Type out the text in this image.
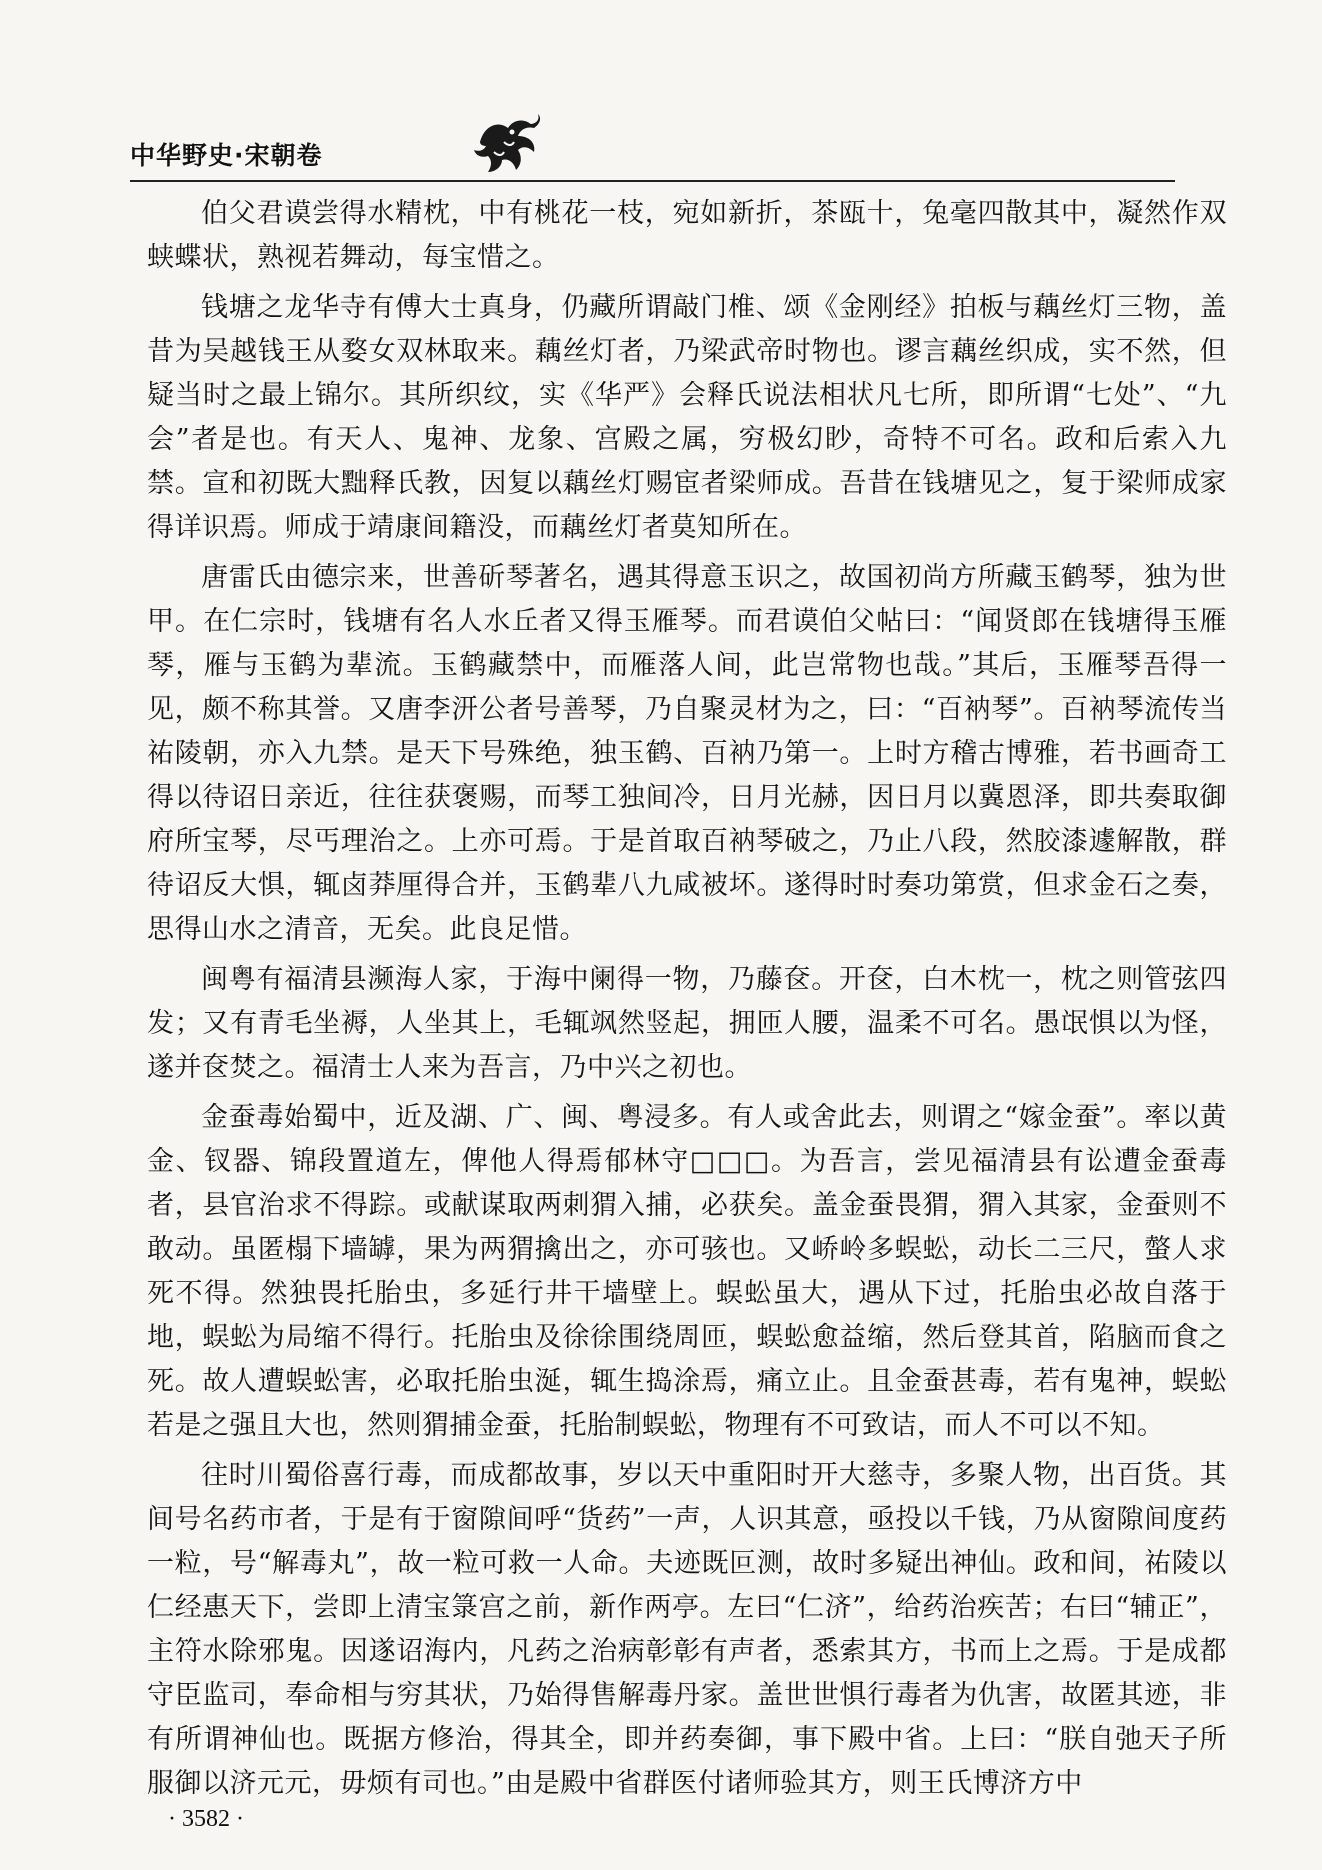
中华野史·宋朝卷

伯父君谟尝得水精枕，中有桃花一枝，宛如新折，茶瓯十，兔毫四散其中，凝然作双蛱蝶状，熟视若舞动，每宝惜之。

钱塘之龙华寺有傅大士真身，仍藏所谓敲门椎、颂《金刚经》拍板与藕丝灯三物，盖昔为吴越钱王从婺女双林取来。藕丝灯者，乃梁武帝时物也。谬言藕丝织成，实不然，但疑当时之最上锦尔。其所织纹，实《华严》会释氏说法相状凡七所，即所谓“七处”、“九会”者是也。有天人、鬼神、龙象、宫殿之属，穷极幻眇，奇特不可名。政和后索入九禁。宣和初既大黜释氏教，因复以藕丝灯赐宦者梁师成。吾昔在钱塘见之，复于梁师成家得详识焉。师成于靖康间籍没，而藕丝灯者莫知所在。

唐雷氏由德宗来，世善斫琴著名，遇其得意玉识之，故国初尚方所藏玉鹤琴，独为世甲。在仁宗时，钱塘有名人水丘者又得玉雁琴。而君谟伯父帖曰：“闻贤郎在钱塘得玉雁琴，雁与玉鹤为辈流。玉鹤藏禁中，而雁落人间，此岂常物也哉。”其后，玉雁琴吾得一见，颇不称其誉。又唐李汧公者号善琴，乃自聚灵材为之，曰：“百衲琴”。百衲琴流传当祐陵朝，亦入九禁。是天下号殊绝，独玉鹤、百衲乃第一。上时方稽古博雅，若书画奇工得以待诏日亲近，往往获褒赐，而琴工独间冷，日月光赫，因日月以冀恩泽，即共奏取御府所宝琴，尽丐理治之。上亦可焉。于是首取百衲琴破之，乃止八段，然胶漆遽解散，群待诏反大惧，辄卤莽厘得合并，玉鹤辈八九咸被坏。遂得时时奏功第赏，但求金石之奏，思得山水之清音，无矣。此良足惜。

闽粤有福清县濒海人家，于海中阑得一物，乃藤奁。开奁，白木枕一，枕之则管弦四发；又有青毛坐褥，人坐其上，毛辄飒然竖起，拥匝人腰，温柔不可名。愚氓惧以为怪，遂并奁焚之。福清士人来为吾言，乃中兴之初也。

金蚕毒始蜀中，近及湖、广、闽、粤浸多。有人或舍此去，则谓之“嫁金蚕”。率以黄金、钗器、锦段置道左，俾他人得焉郁林守□□□。为吾言，尝见福清县有讼遭金蚕毒者，县官治求不得踪。或献谋取两刺猬入捕，必获矣。盖金蚕畏猬，猬入其家，金蚕则不敢动。虽匿榻下墙罅，果为两猬擒出之，亦可骇也。又峤岭多蜈蚣，动长二三尺，螫人求死不得。然独畏托胎虫，多延行井干墙壁上。蜈蚣虽大，遇从下过，托胎虫必故自落于地，蜈蚣为局缩不得行。托胎虫及徐徐围绕周匝，蜈蚣愈益缩，然后登其首，陷脑而食之死。故人遭蜈蚣害，必取托胎虫涎，辄生捣涂焉，痛立止。且金蚕甚毒，若有鬼神，蜈蚣若是之强且大也，然则猬捕金蚕，托胎制蜈蚣，物理有不可致诘，而人不可以不知。

往时川蜀俗喜行毒，而成都故事，岁以天中重阳时开大慈寺，多聚人物，出百货。其间号名药市者，于是有于窗隙间呼“货药”一声，人识其意，亟投以千钱，乃从窗隙间度药一粒，号“解毒丸”，故一粒可救一人命。夫迹既叵测，故时多疑出神仙。政和间，祐陵以仁经惠天下，尝即上清宝箓宫之前，新作两亭。左曰“仁济”，给药治疾苦；右曰“辅正”，主符水除邪鬼。因遂诏海内，凡药之治病彰彰有声者，悉索其方，书而上之焉。于是成都守臣监司，奉命相与穷其状，乃始得售解毒丹家。盖世世惧行毒者为仇害，故匿其迹，非有所谓神仙也。既据方修治，得其全，即并药奏御，事下殿中省。上曰：“朕自弛天子所服御以济元元，毋烦有司也。”由是殿中省群医付诸师验其方，则王氏博济方中

· 3582 ·
